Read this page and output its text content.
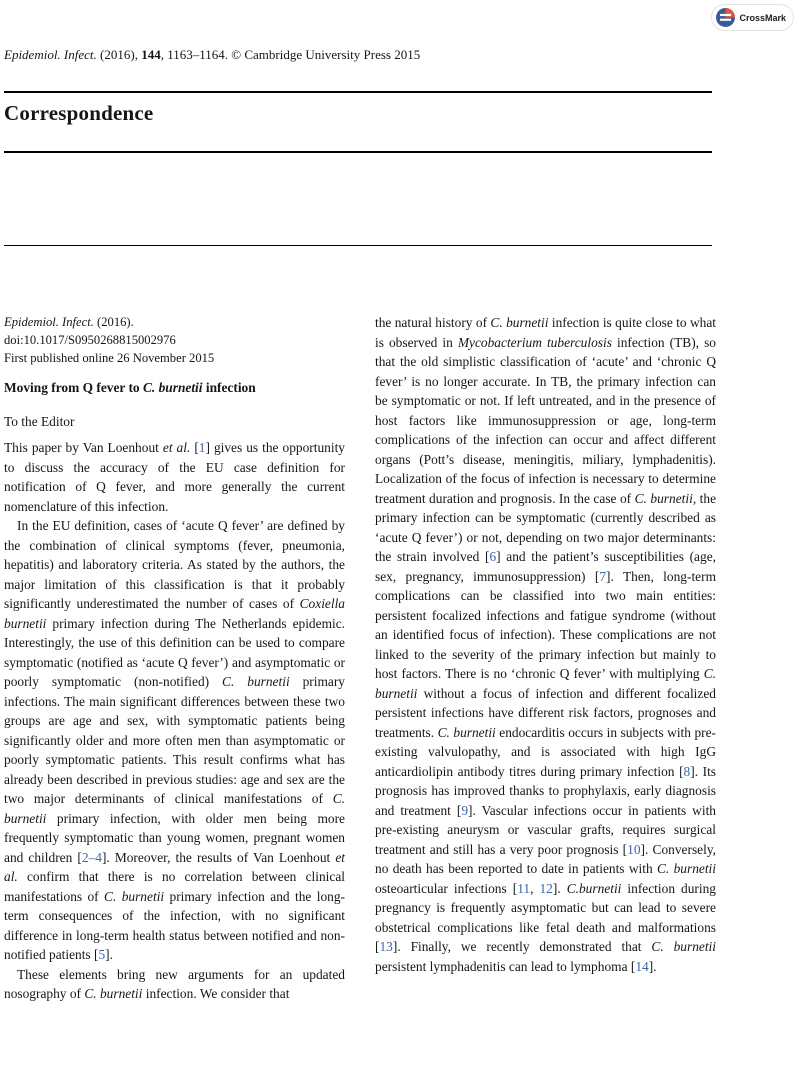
CrossMark
Epidemiol. Infect. (2016), 144, 1163–1164. © Cambridge University Press 2015
Correspondence

Epidemiol. Infect. (2016).

doi:10.1017/S0950268815002976

First published online 26 November 2015

Moving from Q fever to C. burnetii infection

To the Editor

This paper by Van Loenhout et al. [1] gives us the opportunity to discuss the accuracy of the EU case definition for notification of Q fever, and more generally the current nomenclature of this infection.

In the EU definition, cases of ‘acute Q fever’ are defined by the combination of clinical symptoms (fever, pneumonia, hepatitis) and laboratory criteria. As stated by the authors, the major limitation of this classification is that it probably significantly underestimated the number of cases of Coxiella burnetii primary infection during The Netherlands epidemic. Interestingly, the use of this definition can be used to compare symptomatic (notified as ‘acute Q fever’) and asymptomatic or poorly symptomatic (non-notified) C. burnetii primary infections. The main significant differences between these two groups are age and sex, with symptomatic patients being significantly older and more often men than asymptomatic or poorly symptomatic patients. This result confirms what has already been described in previous studies: age and sex are the two major determinants of clinical manifestations of C. burnetii primary infection, with older men being more frequently symptomatic than young women, pregnant women and children [2–4]. Moreover, the results of Van Loenhout et al. confirm that there is no correlation between clinical manifestations of C. burnetii primary infection and the long-term consequences of the infection, with no significant difference in long-term health status between notified and non-notified patients [5].

These elements bring new arguments for an updated nosography of C. burnetii infection. We consider that

the natural history of C. burnetii infection is quite close to what is observed in Mycobacterium tuberculosis infection (TB), so that the old simplistic classification of ‘acute’ and ‘chronic Q fever’ is no longer accurate. In TB, the primary infection can be symptomatic or not. If left untreated, and in the presence of host factors like immunosuppression or age, long-term complications of the infection can occur and affect different organs (Pott’s disease, meningitis, miliary, lymphadenitis). Localization of the focus of infection is necessary to determine treatment duration and prognosis. In the case of C. burnetii, the primary infection can be symptomatic (currently described as ‘acute Q fever’) or not, depending on two major determinants: the strain involved [6] and the patient’s susceptibilities (age, sex, pregnancy, immunosuppression) [7]. Then, long-term complications can be classified into two main entities: persistent focalized infections and fatigue syndrome (without an identified focus of infection). These complications are not linked to the severity of the primary infection but mainly to host factors. There is no ‘chronic Q fever’ with multiplying C. burnetii without a focus of infection and different focalized persistent infections have different risk factors, prognoses and treatments. C. burnetii endocarditis occurs in subjects with pre-existing valvulopathy, and is associated with high IgG anticardiolipin antibody titres during primary infection [8]. Its prognosis has improved thanks to prophylaxis, early diagnosis and treatment [9]. Vascular infections occur in patients with pre-existing aneurysm or vascular grafts, requires surgical treatment and still has a very poor prognosis [10]. Conversely, no death has been reported to date in patients with C. burnetii osteoarticular infections [11, 12]. C.burnetii infection during pregnancy is frequently asymptomatic but can lead to severe obstetrical complications like fetal death and malformations [13]. Finally, we recently demonstrated that C. burnetii persistent lymphadenitis can lead to lymphoma [14].
